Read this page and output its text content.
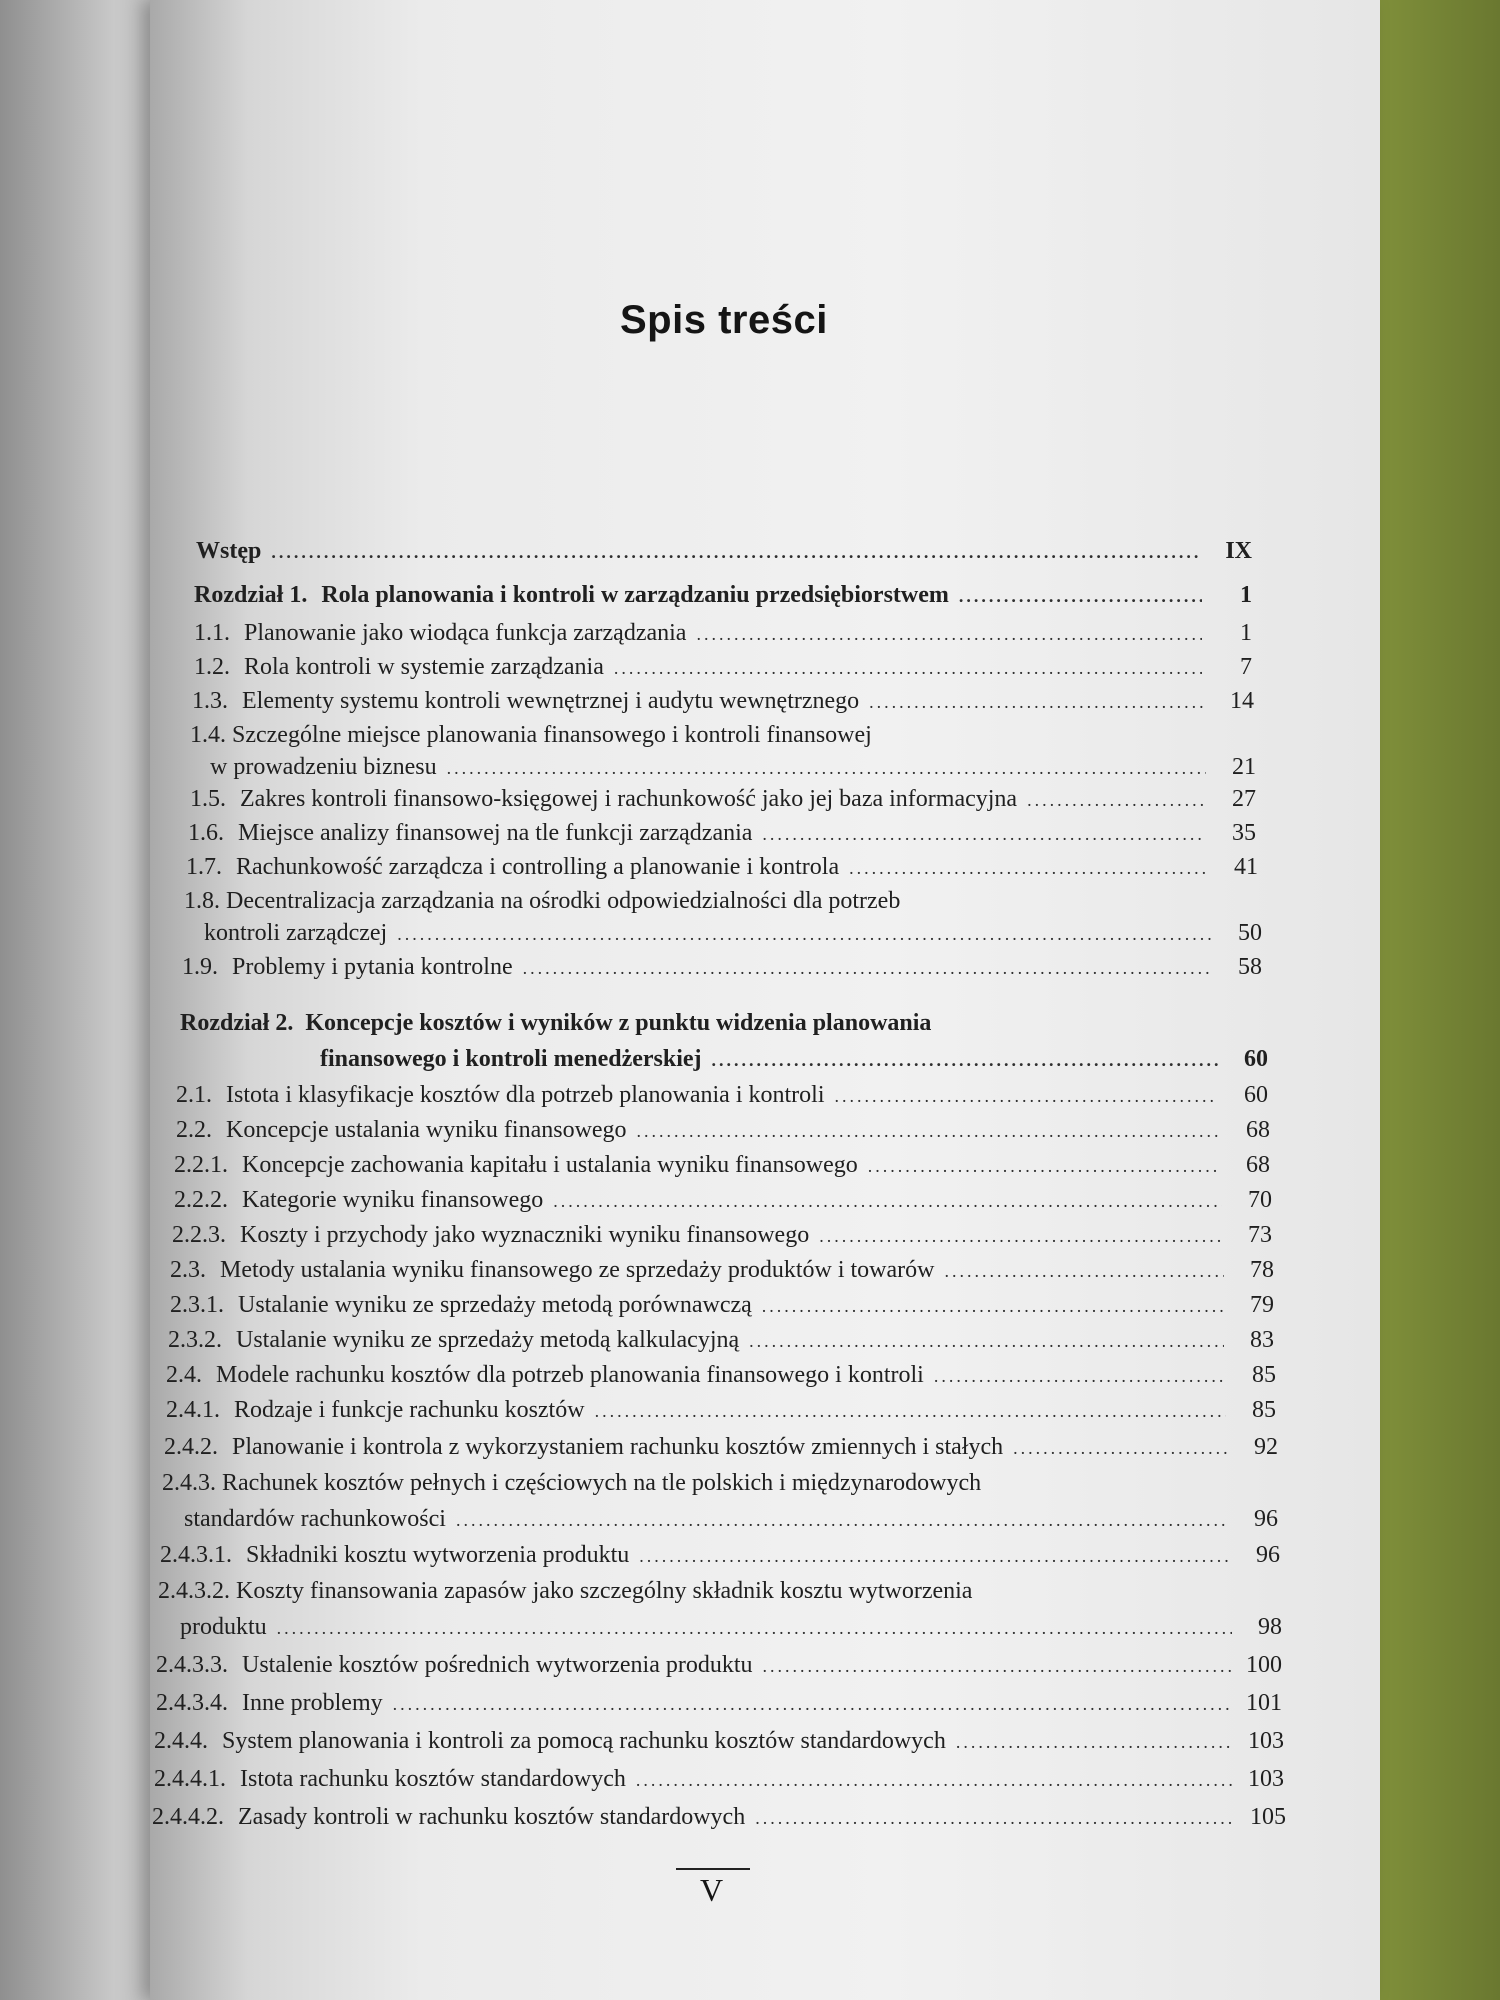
Spis treści
Wstęp .....	IX
Rozdział 1. Rola planowania i kontroli w zarządzaniu przedsiębiorstwem .....	1
1.1. Planowanie jako wiodąca funkcja zarządzania .....	1
1.2. Rola kontroli w systemie zarządzania .....	7
1.3. Elementy systemu kontroli wewnętrznej i audytu wewnętrznego .....	14
1.4. Szczególne miejsce planowania finansowego i kontroli finansowej
w prowadzeniu biznesu .....	21
1.5. Zakres kontroli finansowo-księgowej i rachunkowość jako jej baza informacyjna .....	27
1.6. Miejsce analizy finansowej na tle funkcji zarządzania .....	35
1.7. Rachunkowość zarządcza i controlling a planowanie i kontrola .....	41
1.8. Decentralizacja zarządzania na ośrodki odpowiedzialności dla potrzeb
kontroli zarządczej .....	50
1.9. Problemy i pytania kontrolne .....	58
Rozdział 2. Koncepcje kosztów i wyników z punktu widzenia planowania
finansowego i kontroli menedżerskiej .....	60
2.1. Istota i klasyfikacje kosztów dla potrzeb planowania i kontroli .....	60
2.2. Koncepcje ustalania wyniku finansowego .....	68
2.2.1. Koncepcje zachowania kapitału i ustalania wyniku finansowego .....	68
2.2.2. Kategorie wyniku finansowego .....	70
2.2.3. Koszty i przychody jako wyznaczniki wyniku finansowego .....	73
2.3. Metody ustalania wyniku finansowego ze sprzedaży produktów i towarów .....	78
2.3.1. Ustalanie wyniku ze sprzedaży metodą porównawczą .....	79
2.3.2. Ustalanie wyniku ze sprzedaży metodą kalkulacyjną .....	83
2.4. Modele rachunku kosztów dla potrzeb planowania finansowego i kontroli .....	85
2.4.1. Rodzaje i funkcje rachunku kosztów .....	85
2.4.2. Planowanie i kontrola z wykorzystaniem rachunku kosztów zmiennych i stałych .....	92
2.4.3. Rachunek kosztów pełnych i częściowych na tle polskich i międzynarodowych
standardów rachunkowości .....	96
2.4.3.1. Składniki kosztu wytworzenia produktu .....	96
2.4.3.2. Koszty finansowania zapasów jako szczególny składnik kosztu wytworzenia
produktu .....	98
2.4.3.3. Ustalenie kosztów pośrednich wytworzenia produktu .....	100
2.4.3.4. Inne problemy .....	101
2.4.4. System planowania i kontroli za pomocą rachunku kosztów standardowych .....	103
2.4.4.1. Istota rachunku kosztów standardowych .....	103
2.4.4.2. Zasady kontroli w rachunku kosztów standardowych .....	105
V
